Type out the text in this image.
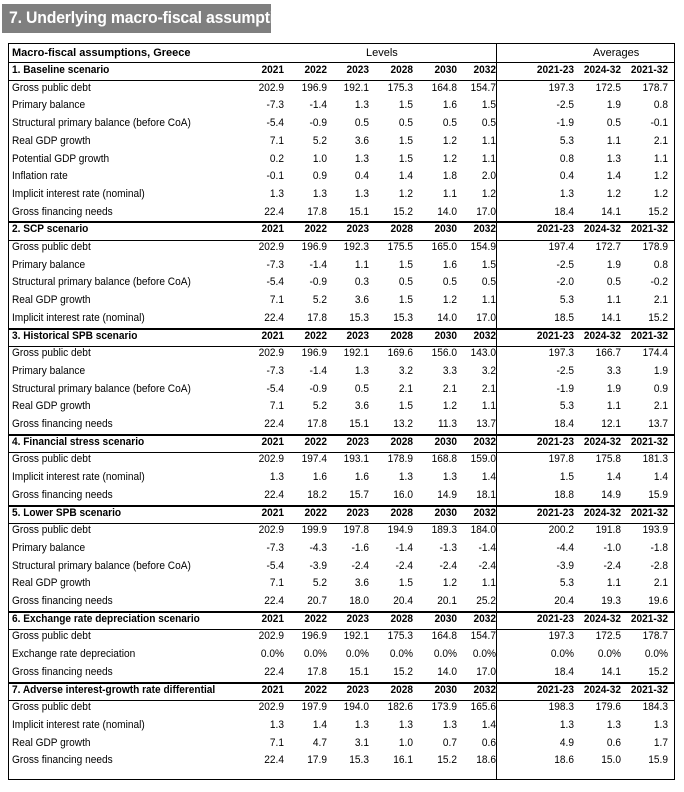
7. Underlying macro-fiscal assumptions
Macro-fiscal assumptions, Greece	Levels	Averages
1. Baseline scenario	2021	2022	2023	2028	2030	2032	2021-23 2024-32 2021-32
Gross public debt	202.9	196.9	192.1	175.3	164.8	154.7	197.3	172.5	178.7
Primary balance	-7.3	-1.4	1.3	1.5	1.6	1.5	-2.5	1.9	0.8
Structural primary balance (before CoA)	-5.4	-0.9	0.5	0.5	0.5	0.5	-1.9	0.5	-0.1
Real GDP growth	7.1	5.2	3.6	1.5	1.2	1.1	5.3	1.1	2.1
Potential GDP growth	0.2	1.0	1.3	1.5	1.2	1.1	0.8	1.3	1.1
Inflation rate	-0.1	0.9	0.4	1.4	1.8	2.0	0.4	1.4	1.2
Implicit interest rate (nominal)	1.3	1.3	1.3	1.2	1.1	1.2	1.3	1.2	1.2
Gross financing needs	22.4	17.8	15.1	15.2	14.0	17.0	18.4	14.1	15.2
2. SCP scenario	2021	2022	2023	2028	2030	2032	2021-23 2024-32 2021-32
Gross public debt	202.9	196.9	192.3	175.5	165.0	154.9	197.4	172.7	178.9
Primary balance	-7.3	-1.4	1.1	1.5	1.6	1.5	-2.5	1.9	0.8
Structural primary balance (before CoA)	-5.4	-0.9	0.3	0.5	0.5	0.5	-2.0	0.5	-0.2
Real GDP growth	7.1	5.2	3.6	1.5	1.2	1.1	5.3	1.1	2.1
Implicit interest rate (nominal)	22.4	17.8	15.3	15.3	14.0	17.0	18.5	14.1	15.2
3. Historical SPB scenario	2021	2022	2023	2028	2030	2032	2021-23 2024-32 2021-32
Gross public debt	202.9	196.9	192.1	169.6	156.0	143.0	197.3	166.7	174.4
Primary balance	-7.3	-1.4	1.3	3.2	3.3	3.2	-2.5	3.3	1.9
Structural primary balance (before CoA)	-5.4	-0.9	0.5	2.1	2.1	2.1	-1.9	1.9	0.9
Real GDP growth	7.1	5.2	3.6	1.5	1.2	1.1	5.3	1.1	2.1
Gross financing needs	22.4	17.8	15.1	13.2	11.3	13.7	18.4	12.1	13.7
4. Financial stress scenario	2021	2022	2023	2028	2030	2032	2021-23 2024-32 2021-32
Gross public debt	202.9	197.4	193.1	178.9	168.8	159.0	197.8	175.8	181.3
Implicit interest rate (nominal)	1.3	1.6	1.6	1.3	1.3	1.4	1.5	1.4	1.4
Gross financing needs	22.4	18.2	15.7	16.0	14.9	18.1	18.8	14.9	15.9
5. Lower SPB scenario	2021	2022	2023	2028	2030	2032	2021-23 2024-32 2021-32
Gross public debt	202.9	199.9	197.8	194.9	189.3	184.0	200.2	191.8	193.9
Primary balance	-7.3	-4.3	-1.6	-1.4	-1.3	-1.4	-4.4	-1.0	-1.8
Structural primary balance (before CoA)	-5.4	-3.9	-2.4	-2.4	-2.4	-2.4	-3.9	-2.4	-2.8
Real GDP growth	7.1	5.2	3.6	1.5	1.2	1.1	5.3	1.1	2.1
Gross financing needs	22.4	20.7	18.0	20.4	20.1	25.2	20.4	19.3	19.6
6. Exchange rate depreciation scenario	2021	2022	2023	2028	2030	2032	2021-23 2024-32 2021-32
Gross public debt	202.9	196.9	192.1	175.3	164.8	154.7	197.3	172.5	178.7
Exchange rate depreciation	0.0%	0.0%	0.0%	0.0%	0.0%	0.0%	0.0%	0.0%	0.0%
Gross financing needs	22.4	17.8	15.1	15.2	14.0	17.0	18.4	14.1	15.2
7. Adverse interest-growth rate differential	2021	2022	2023	2028	2030	2032	2021-23 2024-32 2021-32
Gross public debt	202.9	197.9	194.0	182.6	173.9	165.6	198.3	179.6	184.3
Implicit interest rate (nominal)	1.3	1.4	1.3	1.3	1.3	1.4	1.3	1.3	1.3
Real GDP growth	7.1	4.7	3.1	1.0	0.7	0.6	4.9	0.6	1.7
Gross financing needs	22.4	17.9	15.3	16.1	15.2	18.6	18.6	15.0	15.9
